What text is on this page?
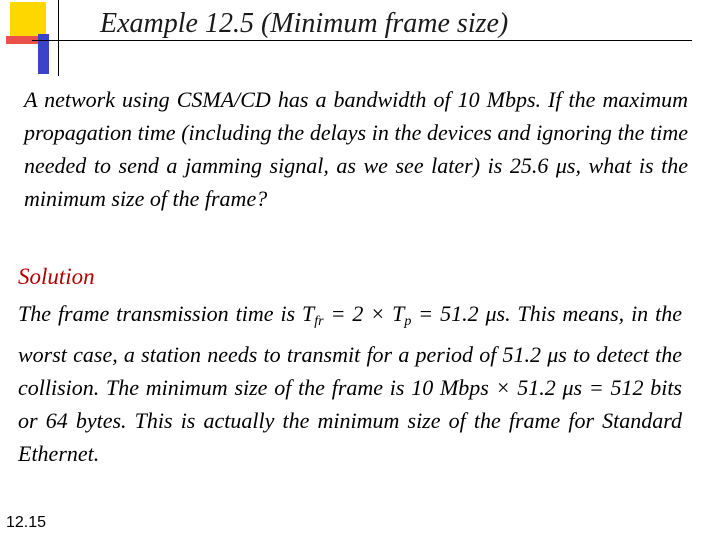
Example 12.5 (Minimum frame size)
A network using CSMA/CD has a bandwidth of 10 Mbps. If the maximum propagation time (including the delays in the devices and ignoring the time needed to send a jamming signal, as we see later) is 25.6 μs, what is the minimum size of the frame?
Solution
The frame transmission time is $T_{fr} = 2 \times T_p = 51.2$ μs. This means, in the worst case, a station needs to transmit for a period of 51.2 μs to detect the collision. The minimum size of the frame is 10 Mbps × 51.2 μs = 512 bits or 64 bytes. This is actually the minimum size of the frame for Standard Ethernet.
12.15
